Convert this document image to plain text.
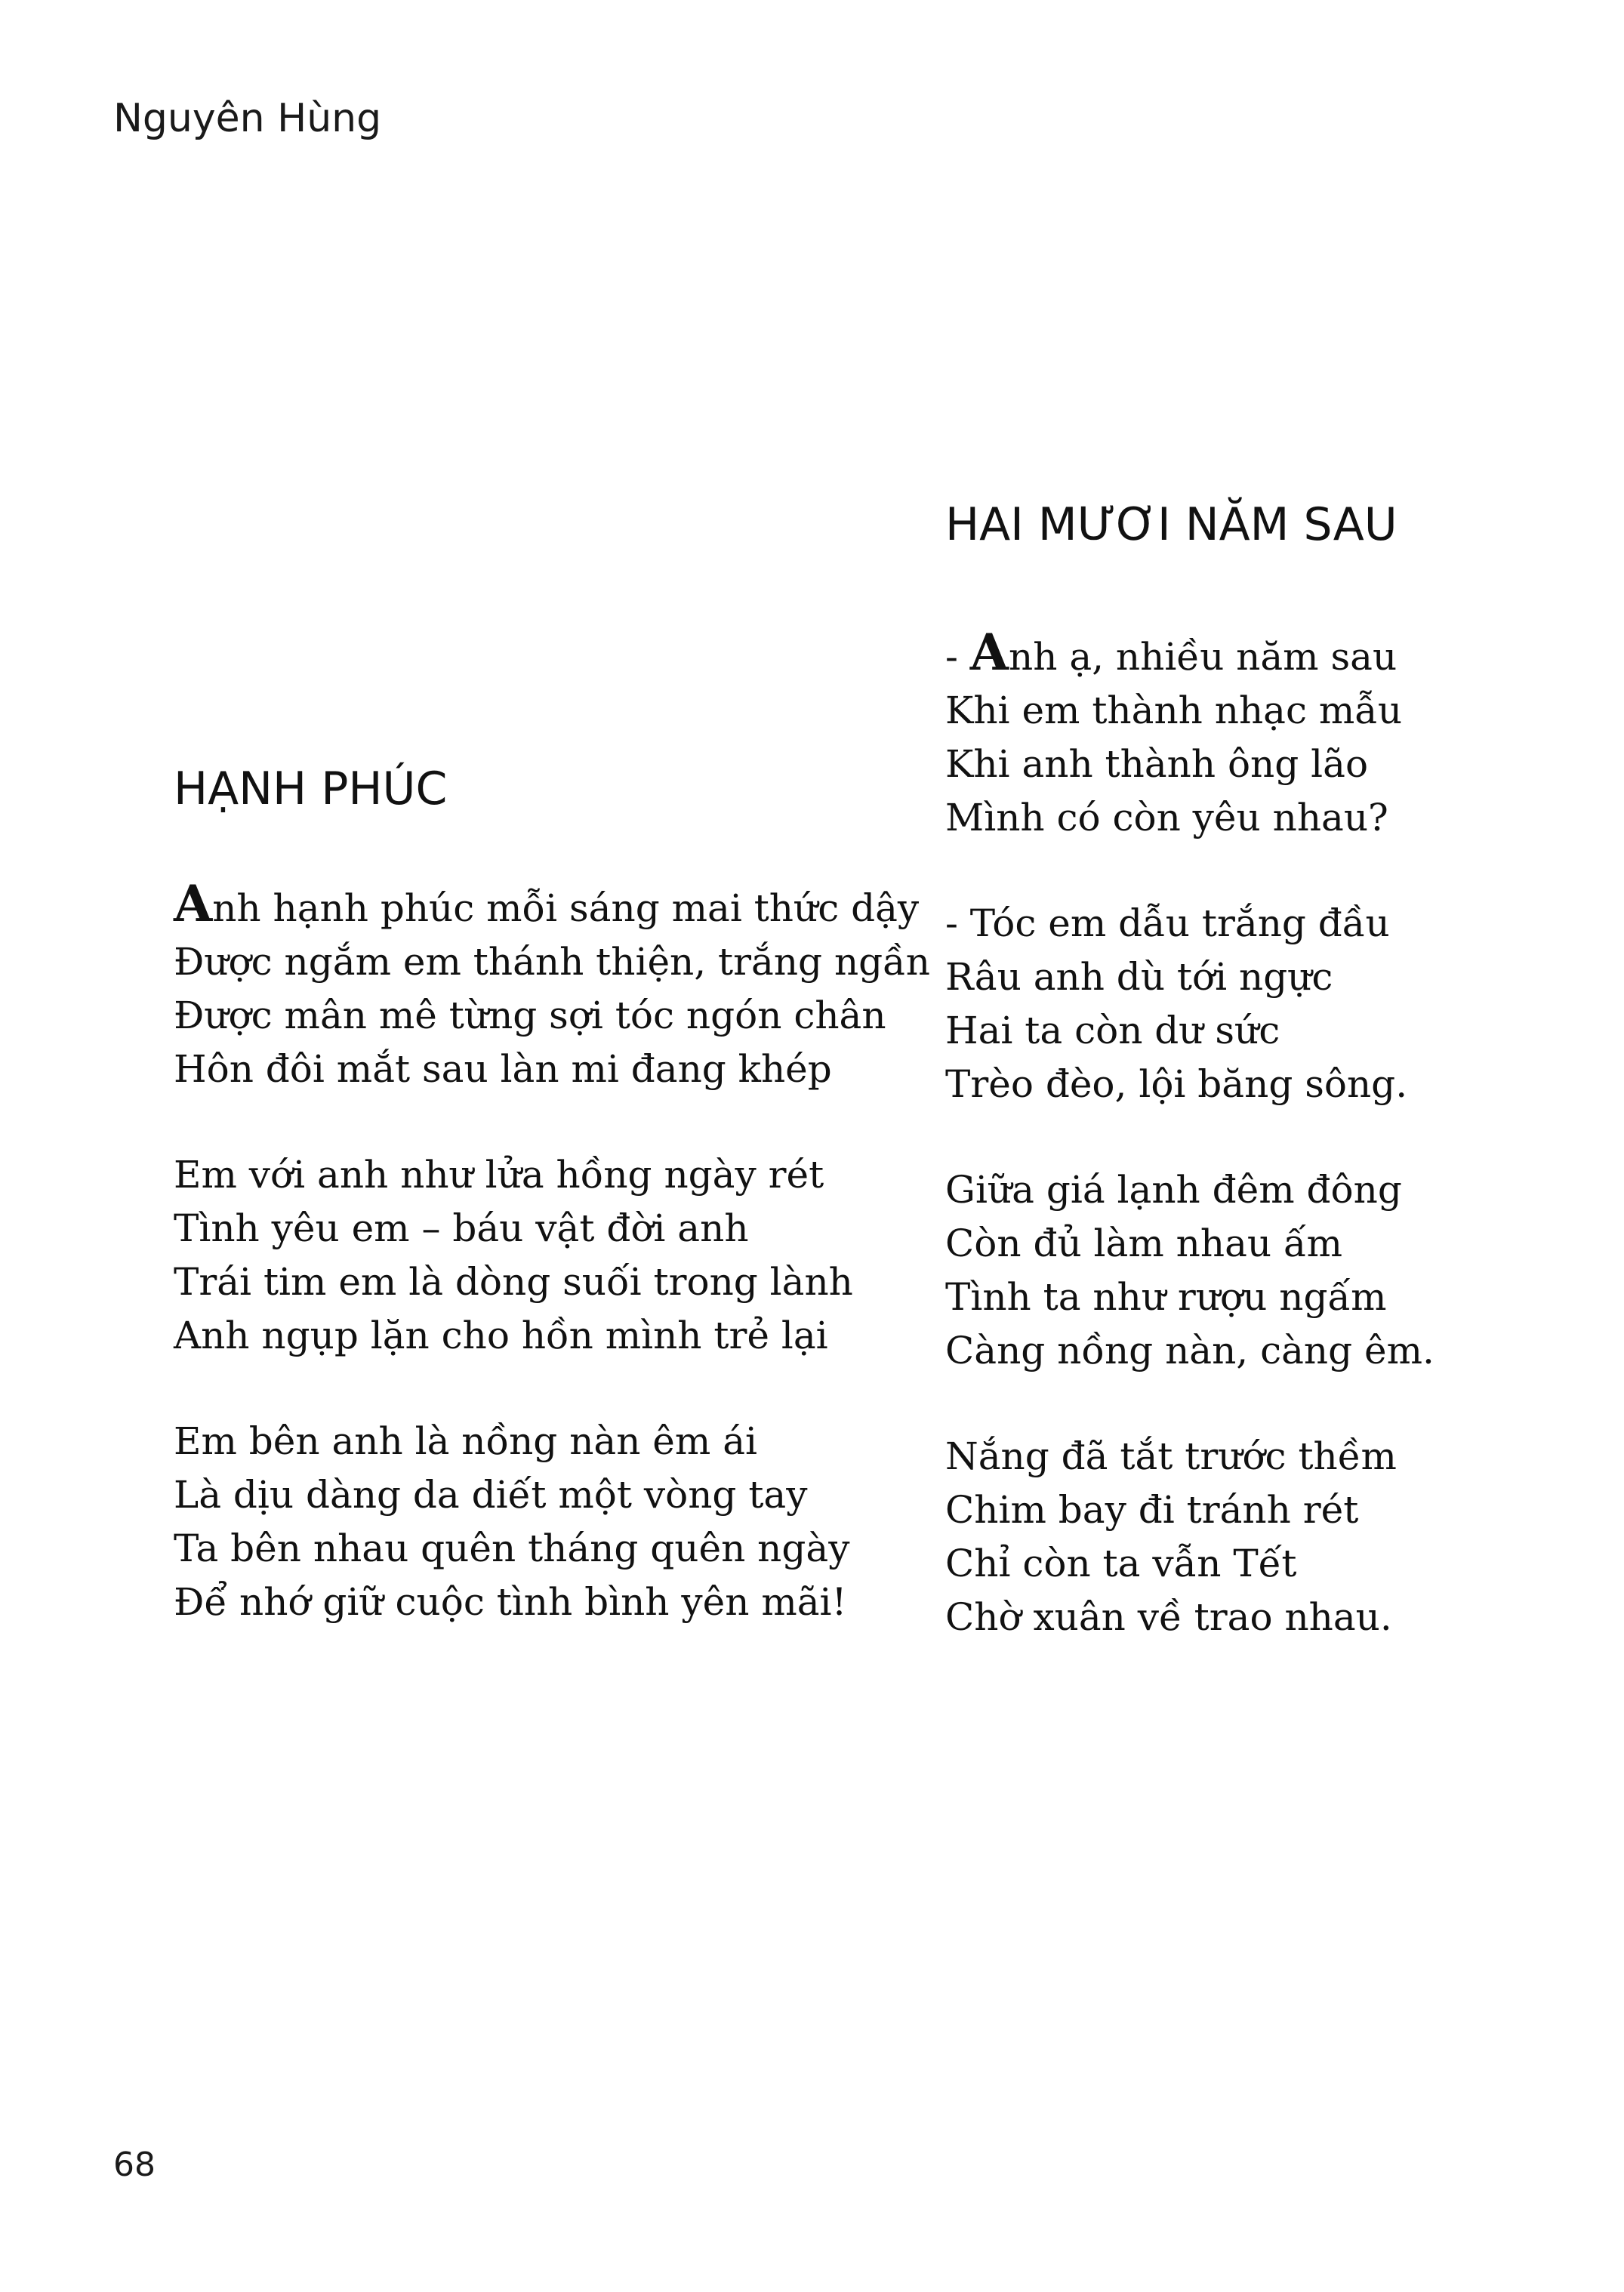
Nguyên Hùng
HẠNH PHÚC
Anh hạnh phúc mỗi sáng mai thức dậy
Được ngắm em thánh thiện, trắng ngần
Được mân mê từng sợi tóc ngón chân
Hôn đôi mắt sau làn mi đang khép
Em với anh như lửa hồng ngày rét
Tình yêu em – báu vật đời anh
Trái tim em là dòng suối trong lành
Anh ngụp lặn cho hồn mình trẻ lại
Em bên anh là nồng nàn êm ái
Là dịu dàng da diết một vòng tay
Ta bên nhau quên tháng quên ngày
Để nhớ giữ cuộc tình bình yên mãi!
HAI MƯƠI NĂM SAU
- Anh ạ, nhiều năm sau
Khi em thành nhạc mẫu
Khi anh thành ông lão
Mình có còn yêu nhau?
- Tóc em dẫu trắng đầu
Râu anh dù tới ngực
Hai ta còn dư sức
Trèo đèo, lội băng sông.
Giữa giá lạnh đêm đông
Còn đủ làm nhau ấm
Tình ta như rượu ngấm
Càng nồng nàn, càng êm.
Nắng đã tắt trước thềm
Chim bay đi tránh rét
Chỉ còn ta vẫn Tết
Chờ xuân về trao nhau.
68
